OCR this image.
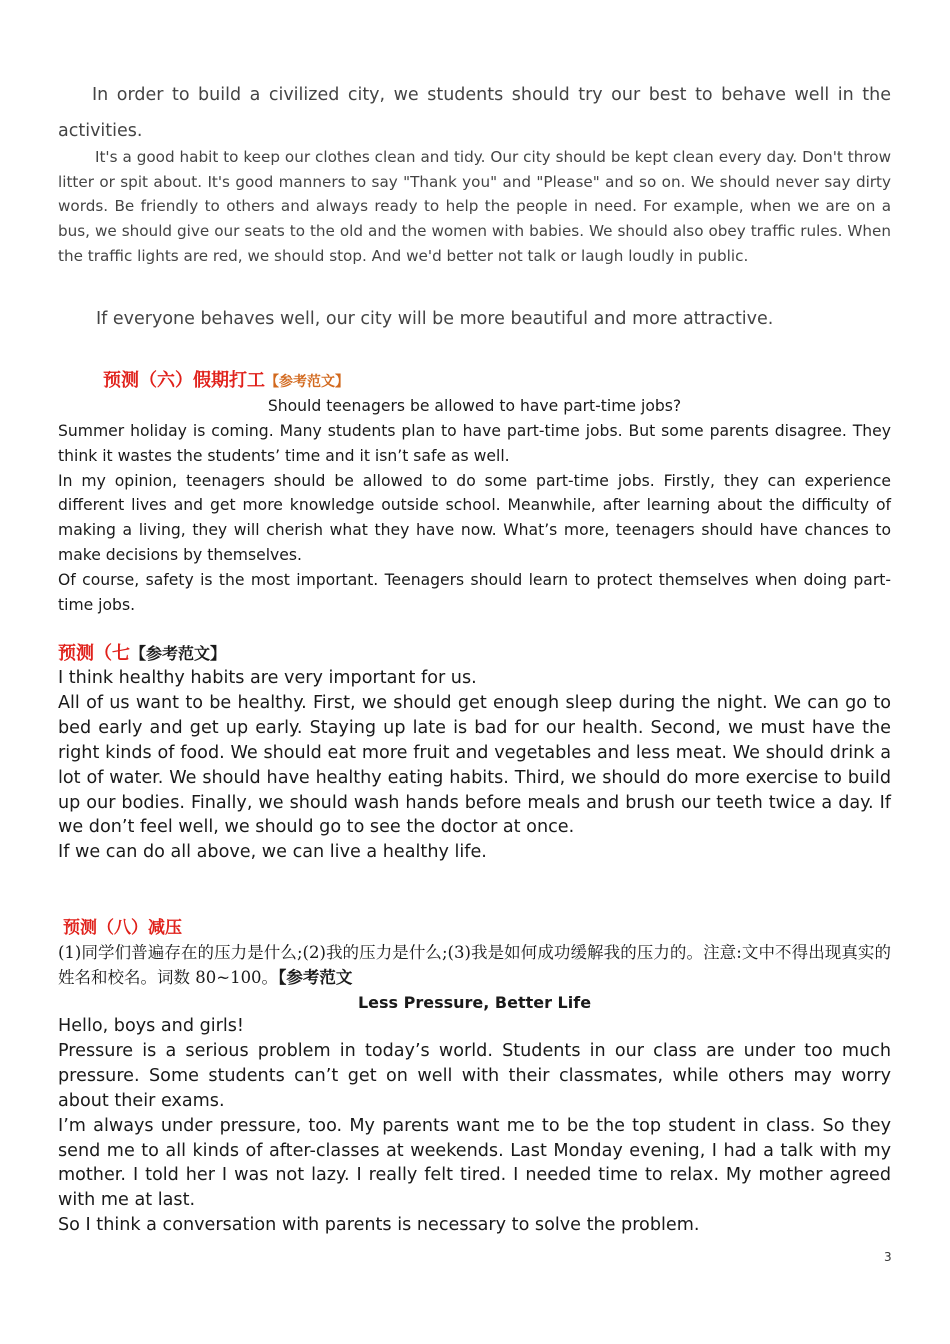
In order to build a civilized city, we students should try our best to behave well in the activities.

It's a good habit to keep our clothes clean and tidy. Our city should be kept clean every day. Don't throw litter or spit about. It's good manners to say "Thank you" and "Please" and so on. We should never say dirty words. Be friendly to others and always ready to help the people in need. For example, when we are on a bus, we should give our seats to the old and the women with babies. We should also obey traffic rules. When the traffic lights are red, we should stop. And we'd better not talk or laugh loudly in public.

If everyone behaves well, our city will be more beautiful and more attractive.

预测（六）假期打工【参考范文】
Should teenagers be allowed to have part-time jobs?

Summer holiday is coming. Many students plan to have part-time jobs. But some parents disagree. They think it wastes the students’ time and it isn’t safe as well.

In my opinion, teenagers should be allowed to do some part-time jobs. Firstly, they can experience different lives and get more knowledge outside school. Meanwhile, after learning about the difficulty of making a living, they will cherish what they have now. What’s more, teenagers should have chances to make decisions by themselves.

Of course, safety is the most important. Teenagers should learn to protect themselves when doing part-time jobs.

预测（七【参考范文】

I think healthy habits are very important for us.

All of us want to be healthy. First, we should get enough sleep during the night. We can go to bed early and get up early. Staying up late is bad for our health. Second, we must have the right kinds of food. We should eat more fruit and vegetables and less meat. We should drink a lot of water. We should have healthy eating habits. Third, we should do more exercise to build up our bodies. Finally, we should wash hands before meals and brush our teeth twice a day. If we don’t feel well, we should go to see the doctor at once.

If we can do all above, we can live a healthy life.

预测（八）减压
(1)同学们普遍存在的压力是什么;(2)我的压力是什么;(3)我是如何成功缓解我的压力的。注意:文中不得出现真实的姓名和校名。词数 80~100。【参考范文
Less Pressure, Better Life

Hello, boys and girls!

Pressure is a serious problem in today’s world. Students in our class are under too much pressure. Some students can’t get on well with their classmates, while others may worry about their exams.

I’m always under pressure, too. My parents want me to be the top student in class. So they send me to all kinds of after-classes at weekends. Last Monday evening, I had a talk with my mother. I told her I was not lazy. I really felt tired. I needed time to relax. My mother agreed with me at last.

So I think a conversation with parents is necessary to solve the problem.

3
